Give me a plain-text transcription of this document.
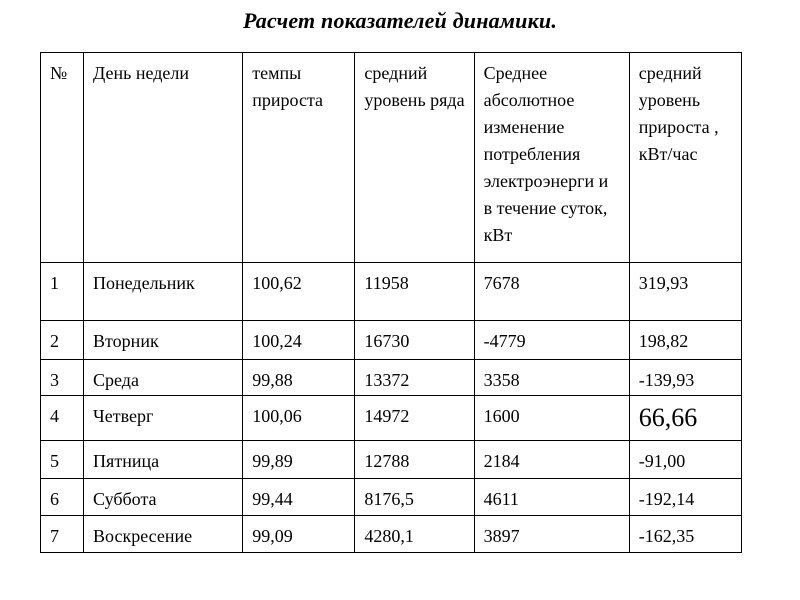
Расчет показателей динамики.
№	День недели	темпы прироста	средний уровень ряда	Среднее абсолютное изменение потребления электроэнерги и в течение суток, кВт	средний уровень прироста , кВт/час
1	Понедельник	100,62	11958	7678	319,93
2	Вторник	100,24	16730	-4779	198,82
3	Среда	99,88	13372	3358	-139,93
4	Четверг	100,06	14972	1600	66,66
5	Пятница	99,89	12788	2184	-91,00
6	Суббота	99,44	8176,5	4611	-192,14
7	Воскресение	99,09	4280,1	3897	-162,35
